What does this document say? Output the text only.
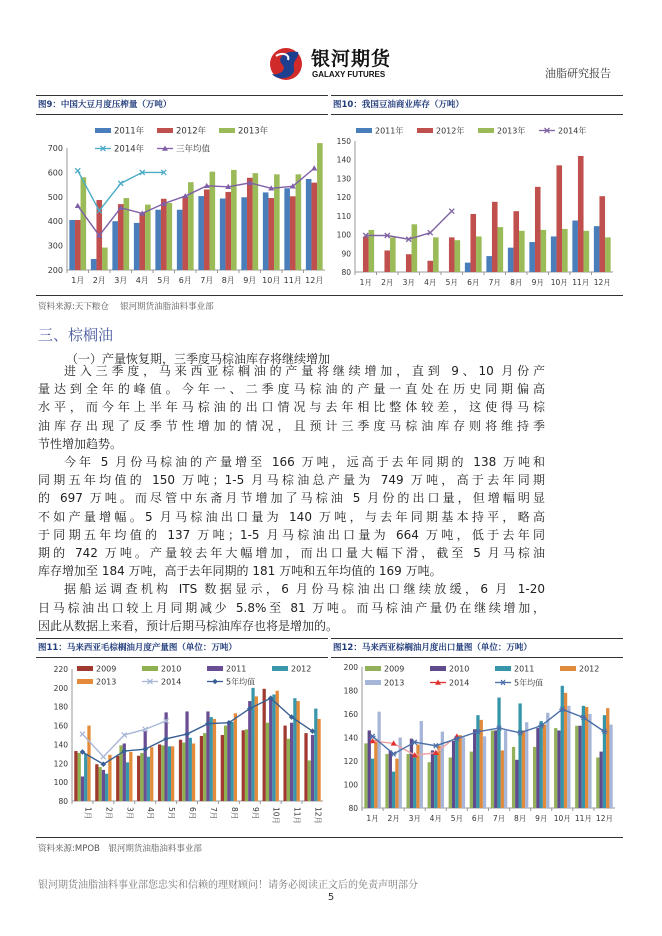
银河期货
GALAXY FUTURES	油脂研究报告
图9：中国大豆月度压榨量（万吨）	图10：我国豆油商业库存（万吨）
200
300
400
500
600
700
1月 2月 3月 4月 5月 6月 7月 8月 9月 10月 11月 12月
2011年	2012年	2013年
2014年	三年均值
80
90
100
110
120
130
140
150
1月 2月 3月 4月 5月 6月 7月 8月 9月 10月 11月 12月
2011年	2012年	2013年	2014年
资料来源:天下粮仓　 银河期货油脂油料事业部
三、棕榈油
（一）产量恢复期，三季度马棕油库存将继续增加
进入三季度，马来西亚棕榈油的产量将继续增加，直到 9、10 月份产
量达到全年的峰值。今年一、二季度马棕油的产量一直处在历史同期偏高
水平，而今年上半年马棕油的出口情况与去年相比整体较差，这使得马棕
油库存出现了反季节性增加的情况，且预计三季度马棕油库存则将维持季
节性增加趋势。
今年 5 月份马棕油的产量增至 166 万吨，远高于去年同期的 138 万吨和
同期五年均值的 150 万吨；1-5 月马棕油总产量为 749 万吨，高于去年同期
的 697 万吨。而尽管中东斋月节增加了马棕油 5 月份的出口量，但增幅明显
不如产量增幅。5 月马棕油出口量为 140 万吨，与去年同期基本持平，略高
于同期五年均值的 137 万吨；1-5 月马棕油出口量为 664 万吨，低于去年同
期的 742 万吨。产量较去年大幅增加，而出口量大幅下滑，截至 5 月马棕油
库存增加至 184 万吨，高于去年同期的 181 万吨和五年均值的 169 万吨。
据船运调查机构 ITS 数据显示，6 月份马棕油出口继续放缓，6 月 1-20
日马棕油出口较上月同期减少 5.8%至 81 万吨。而马棕油产量仍在继续增加，
因此从数据上来看，预计后期马棕油库存也将是增加的。
图11：马来西亚毛棕榈油月度产量图（单位：万吨）	图12：马来西亚棕榈油月度出口量图（单位：万吨）
80
100
120
140
160
180
200
220
1月 2月 3月 4月 5月 6月 7月 8月 9月 10月 11月 12月
2009	2010	2011	2012
2013	2014	5年均值
80
100
120
140
160
180
200
1月 2月 3月 4月 5月 6月 7月 8月 9月 10月 11月 12月
2009	2010	2011	2012
2013	2014	5年均值
资料来源:MPOB　银河期货油脂油料事业部
银河期货油脂油料事业部您忠实和信赖的理财顾问！请务必阅读正文后的免责声明部分
5
